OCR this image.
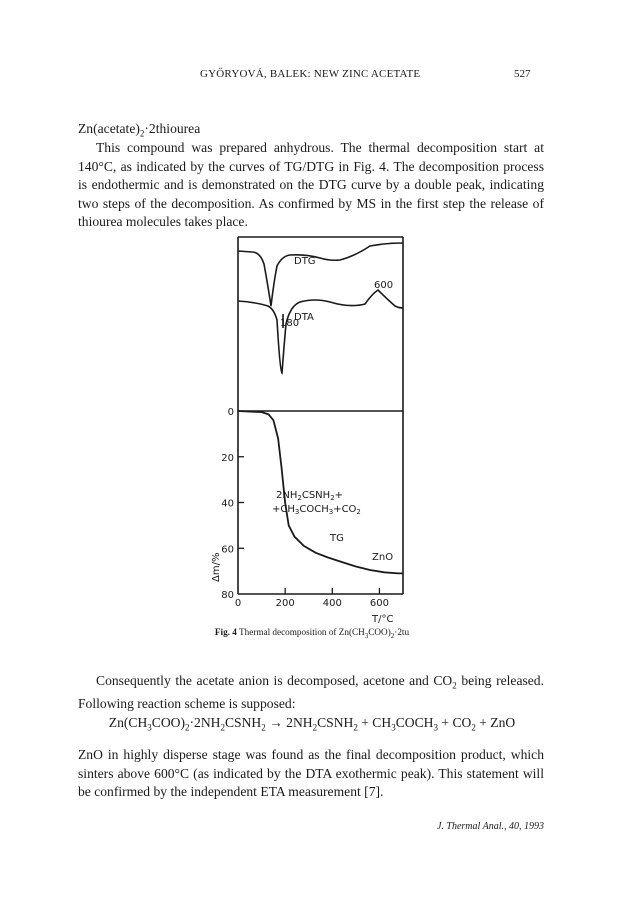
GYŐRYOVÁ, BALEK: NEW ZINC ACETATE	527
$Zn(acetate)_2\cdot 2thiourea$
This compound was prepared anhydrous. The thermal decomposition start at 140°C, as indicated by the curves of TG/DTG in Fig. 4. The decomposition process is endothermic and is demonstrated on the DTG curve by a double peak, indicating two steps of the decomposition. As confirmed by MS in the first step the release of thiourea molecules takes place.
DTG
600
DTA
180
0
20
40
60
80
0	200	400	600
$2NH_2CSNH_2+$
$+CH_3COCH_3+CO_2$
TG
ZnO
Δm/%
T/°C
Fig. 4 Thermal decomposition of $Zn(CH_3COO)_2\cdot 2tu$
Consequently the acetate anion is decomposed, acetone and $CO_2$ being released. Following reaction scheme is supposed:
$Zn(CH_3COO)_2\cdot 2NH_2CSNH_2$ → $2NH_2CSNH_2$ + $CH_3COCH_3 + CO_2$ + ZnO
ZnO in highly disperse stage was found as the final decomposition product, which sinters above 600°C (as indicated by the DTA exothermic peak). This statement will be confirmed by the independent ETA measurement [7].
J. Thermal Anal., 40, 1993
